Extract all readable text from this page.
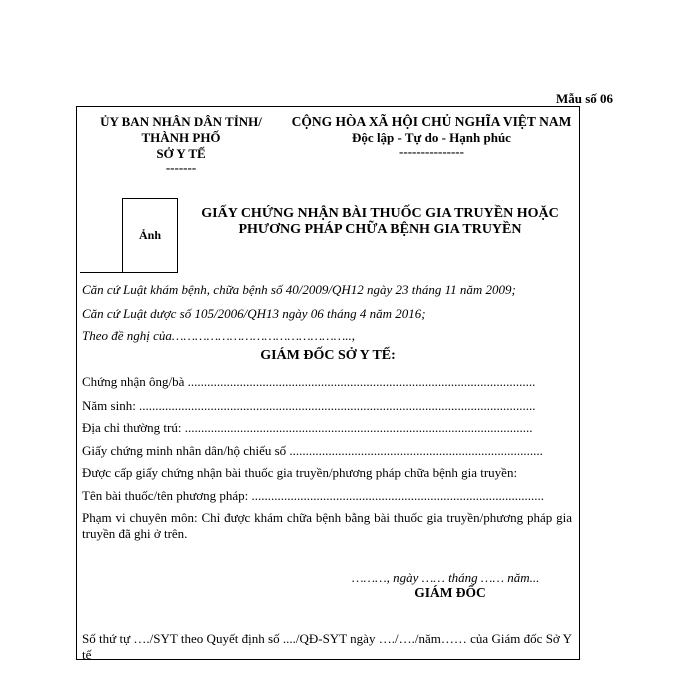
Mẫu số 06
ỦY BAN NHÂN DÂN TỈNH/
THÀNH PHỐ
SỞ Y TẾ
-------
CỘNG HÒA XÃ HỘI CHỦ NGHĨA VIỆT NAM
Độc lập - Tự do - Hạnh phúc
---------------
Ảnh
GIẤY CHỨNG NHẬN BÀI THUỐC GIA TRUYỀN HOẶC
PHƯƠNG PHÁP CHỮA BỆNH GIA TRUYỀN
Căn cứ Luật khám bệnh, chữa bệnh số 40/2009/QH12 ngày 23 tháng 11 năm 2009;
Căn cứ Luật dược số 105/2006/QH13 ngày 06 tháng 4 năm 2016;
Theo đề nghị của………………………………………..,
GIÁM ĐỐC SỞ Y TẾ:
Chứng nhận ông/bà ...........................................................................................................
Năm sinh: ..........................................................................................................................
Địa chỉ thường trú: ...........................................................................................................
Giấy chứng minh nhân dân/hộ chiếu số ..............................................................................
Được cấp giấy chứng nhận bài thuốc gia truyền/phương pháp chữa bệnh gia truyền:
Tên bài thuốc/tên phương pháp: ..........................................................................................
Phạm vi chuyên môn: Chỉ được khám chữa bệnh bằng bài thuốc gia truyền/phương pháp gia truyền đã ghi ở trên.
………, ngày …… tháng …… năm...
GIÁM ĐỐC
Số thứ tự …./SYT theo Quyết định số ..../QĐ-SYT ngày …./…./năm…… của Giám đốc Sở Y tế
